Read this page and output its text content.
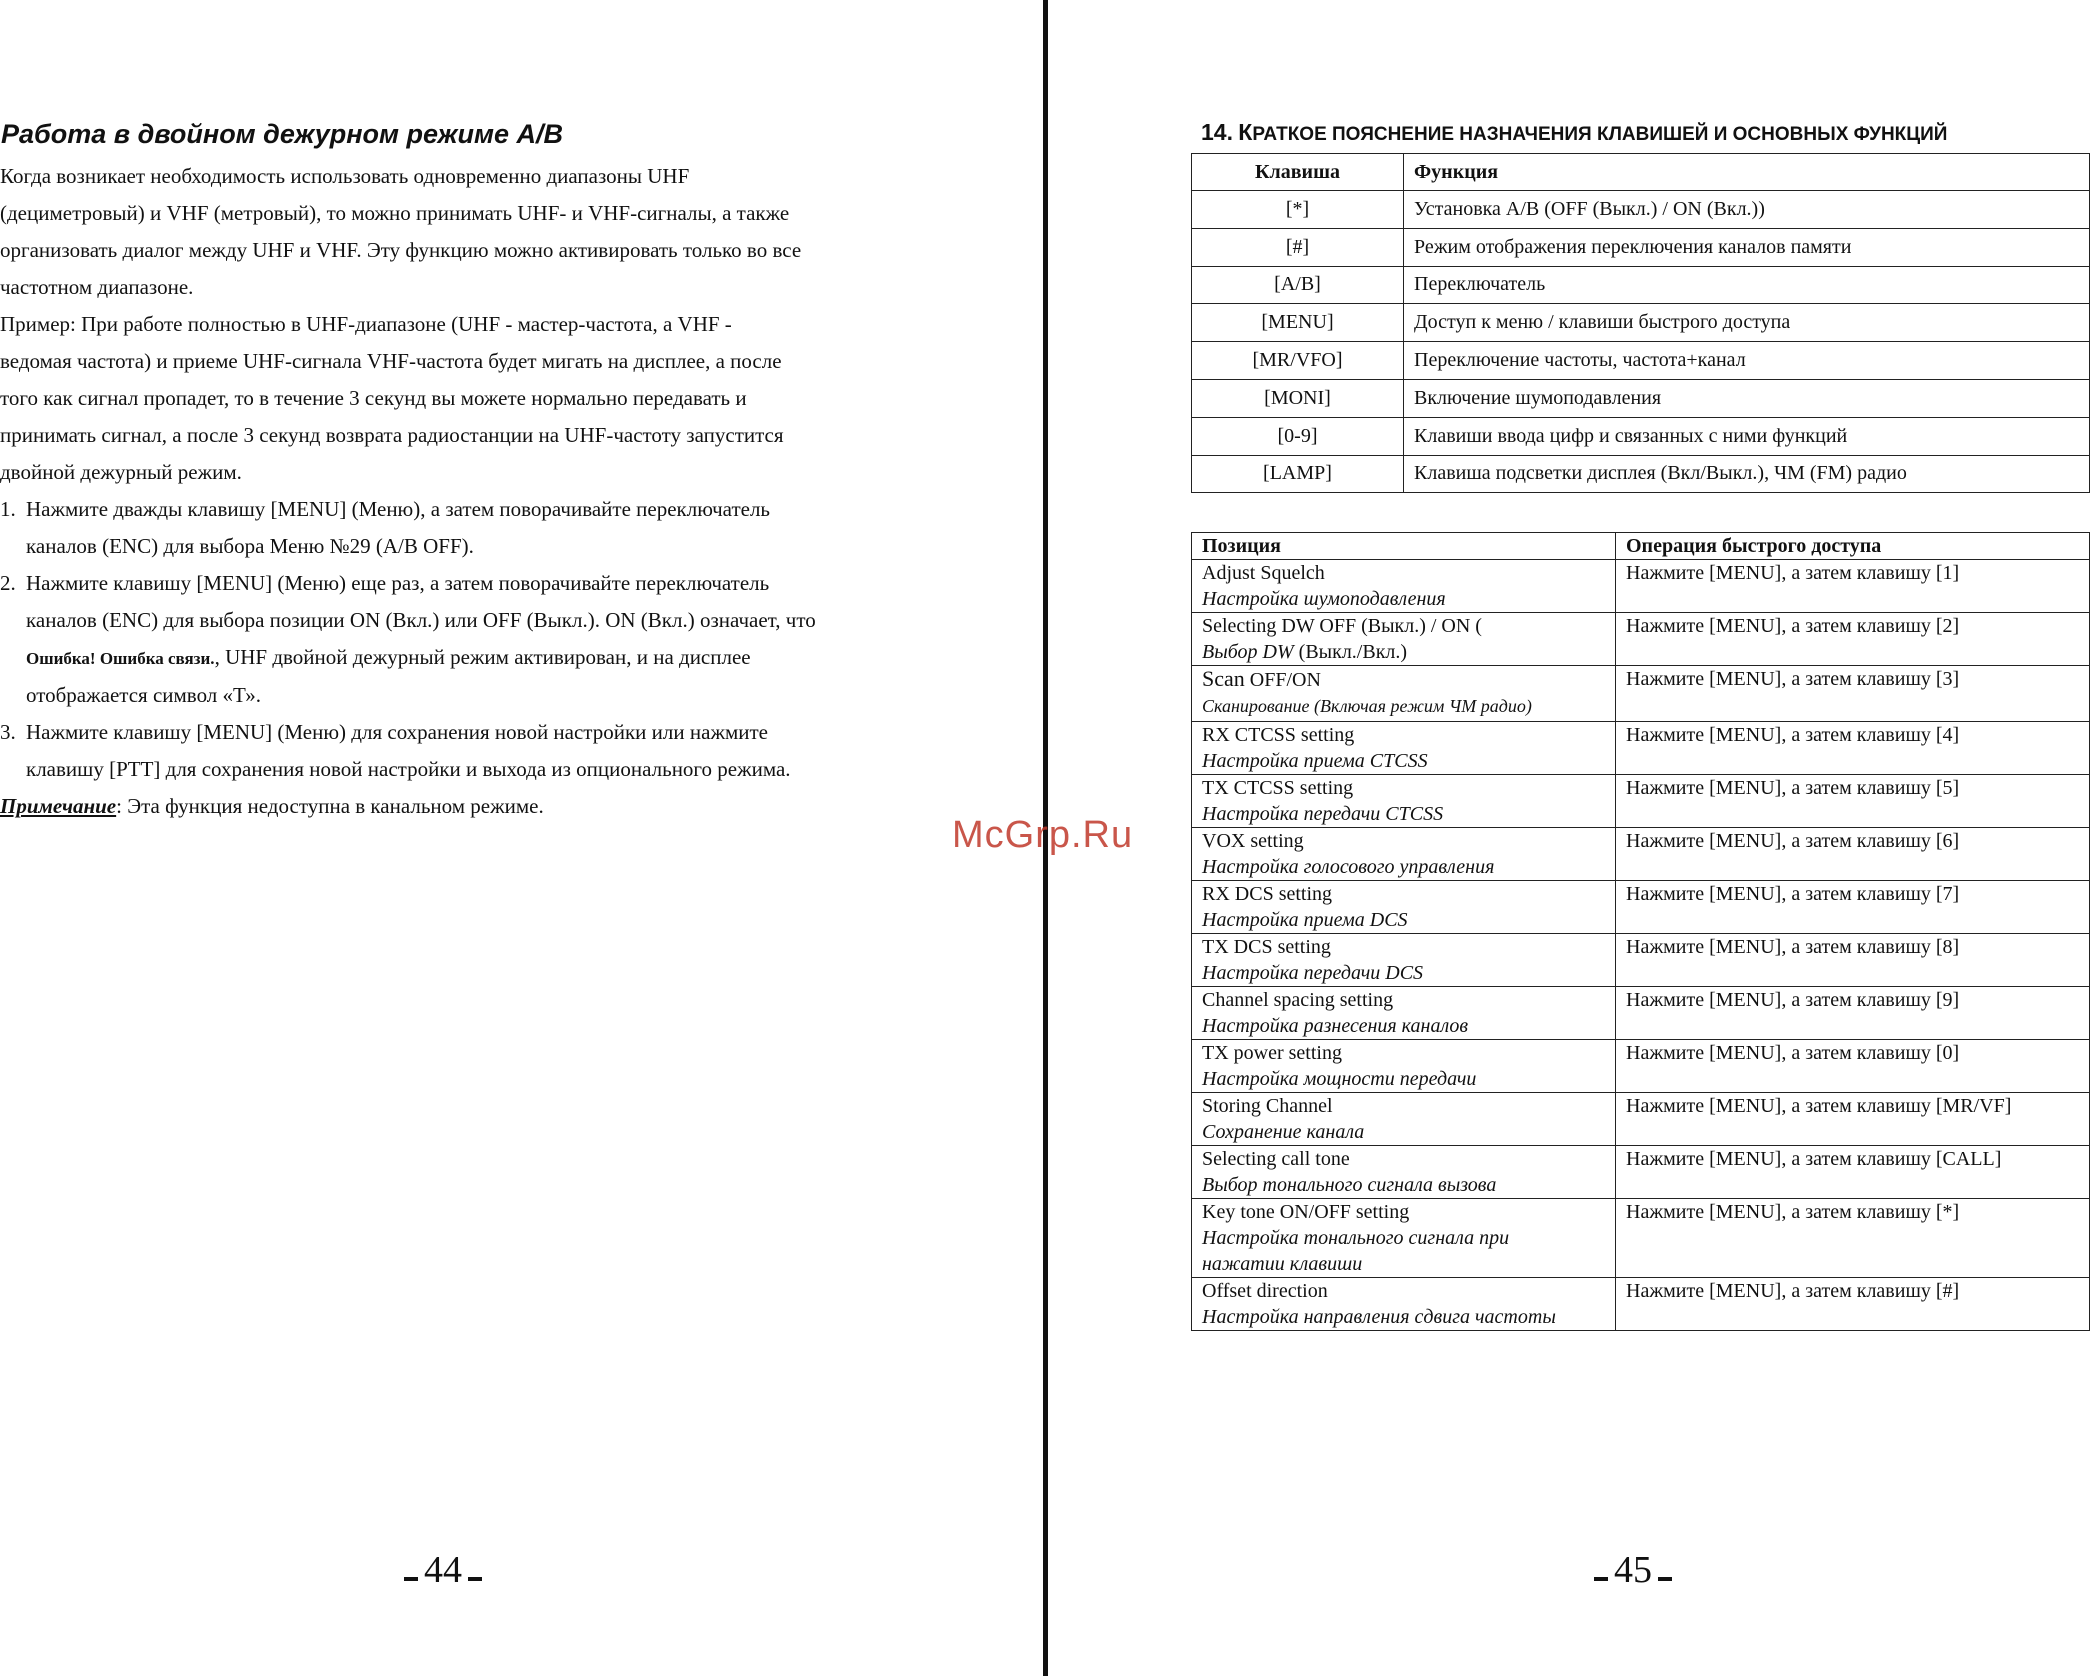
Работа в двойном дежурном режиме A/B

Когда возникает необходимость использовать одновременно диапазоны UHF
(дециметровый) и VHF (метровый), то можно принимать UHF- и VHF-сигналы, а также
организовать диалог между UHF и VHF. Эту функцию можно активировать только во все
частотном диапазоне.

Пример: При работе полностью в UHF-диапазоне (UHF - мастер-частота, а VHF -
ведомая частота) и приеме UHF-сигнала VHF-частота будет мигать на дисплее, а после
того как сигнал пропадет, то в течение 3 секунд вы можете нормально передавать и
принимать сигнал, а после 3 секунд возврата радиостанции на UHF-частоту запустится
двойной дежурный режим.

1. Нажмите дважды клавишу [MENU] (Меню), а затем поворачивайте переключатель
каналов (ENC) для выбора Меню №29 (A/B OFF).
2. Нажмите клавишу [MENU] (Меню) еще раз, а затем поворачивайте переключатель
каналов (ENC) для выбора позиции ON (Вкл.) или OFF (Выкл.). ON (Вкл.) означает, что
Ошибка! Ошибка связи., UHF двойной дежурный режим активирован, и на дисплее
отображается символ «Т».
3. Нажмите клавишу [MENU] (Меню) для сохранения новой настройки или нажмите
клавишу [PTT] для сохранения новой настройки и выхода из опционального режима.

Примечание: Эта функция недоступна в канальном режиме.

44
McGrp.Ru
14. КРАТКОЕ ПОЯСНЕНИЕ НАЗНАЧЕНИЯ КЛАВИШЕЙ И ОСНОВНЫХ ФУНКЦИЙ
Клавиша	Функция
[*]	Установка A/B (OFF (Выкл.) / ON (Вкл.))
[#]	Режим отображения переключения каналов памяти
[A/B]	Переключатель
[MENU]	Доступ к меню / клавиши быстрого доступа
[MR/VFO]	Переключение частоты, частота+канал
[MONI]	Включение шумоподавления
[0-9]	Клавиши ввода цифр и связанных с ними функций
[LAMP]	Клавиша подсветки дисплея (Вкл/Выкл.), ЧМ (FM) радио
Позиция	Операция быстрого доступа
Adjust Squelch
Настройка шумоподавления	Нажмите [MENU], а затем клавишу [1]
Selecting DW OFF (Выкл.) / ON (
Выбор DW (Выкл./Вкл.)	Нажмите [MENU], а затем клавишу [2]
Scan OFF/ON
Сканирование (Включая режим ЧМ радио)	Нажмите [MENU], а затем клавишу [3]
RX CTCSS setting
Настройка приема CTCSS	Нажмите [MENU], а затем клавишу [4]
TX CTCSS setting
Настройка передачи CTCSS	Нажмите [MENU], а затем клавишу [5]
VOX setting
Настройка голосового управления	Нажмите [MENU], а затем клавишу [6]
RX DCS setting
Настройка приема DCS	Нажмите [MENU], а затем клавишу [7]
TX DCS setting
Настройка передачи DCS	Нажмите [MENU], а затем клавишу [8]
Channel spacing setting
Настройка разнесения каналов	Нажмите [MENU], а затем клавишу [9]
TX power setting
Настройка мощности передачи	Нажмите [MENU], а затем клавишу [0]
Storing Channel
Сохранение канала	Нажмите [MENU], а затем клавишу [MR/VF]
Selecting call tone
Выбор тонального сигнала вызова	Нажмите [MENU], а затем клавишу [CALL]
Key tone ON/OFF setting
Настройка тонального сигнала при
нажатии клавиши	Нажмите [MENU], а затем клавишу [*]
Offset direction
Настройка направления сдвига частоты	Нажмите [MENU], а затем клавишу [#]
45
